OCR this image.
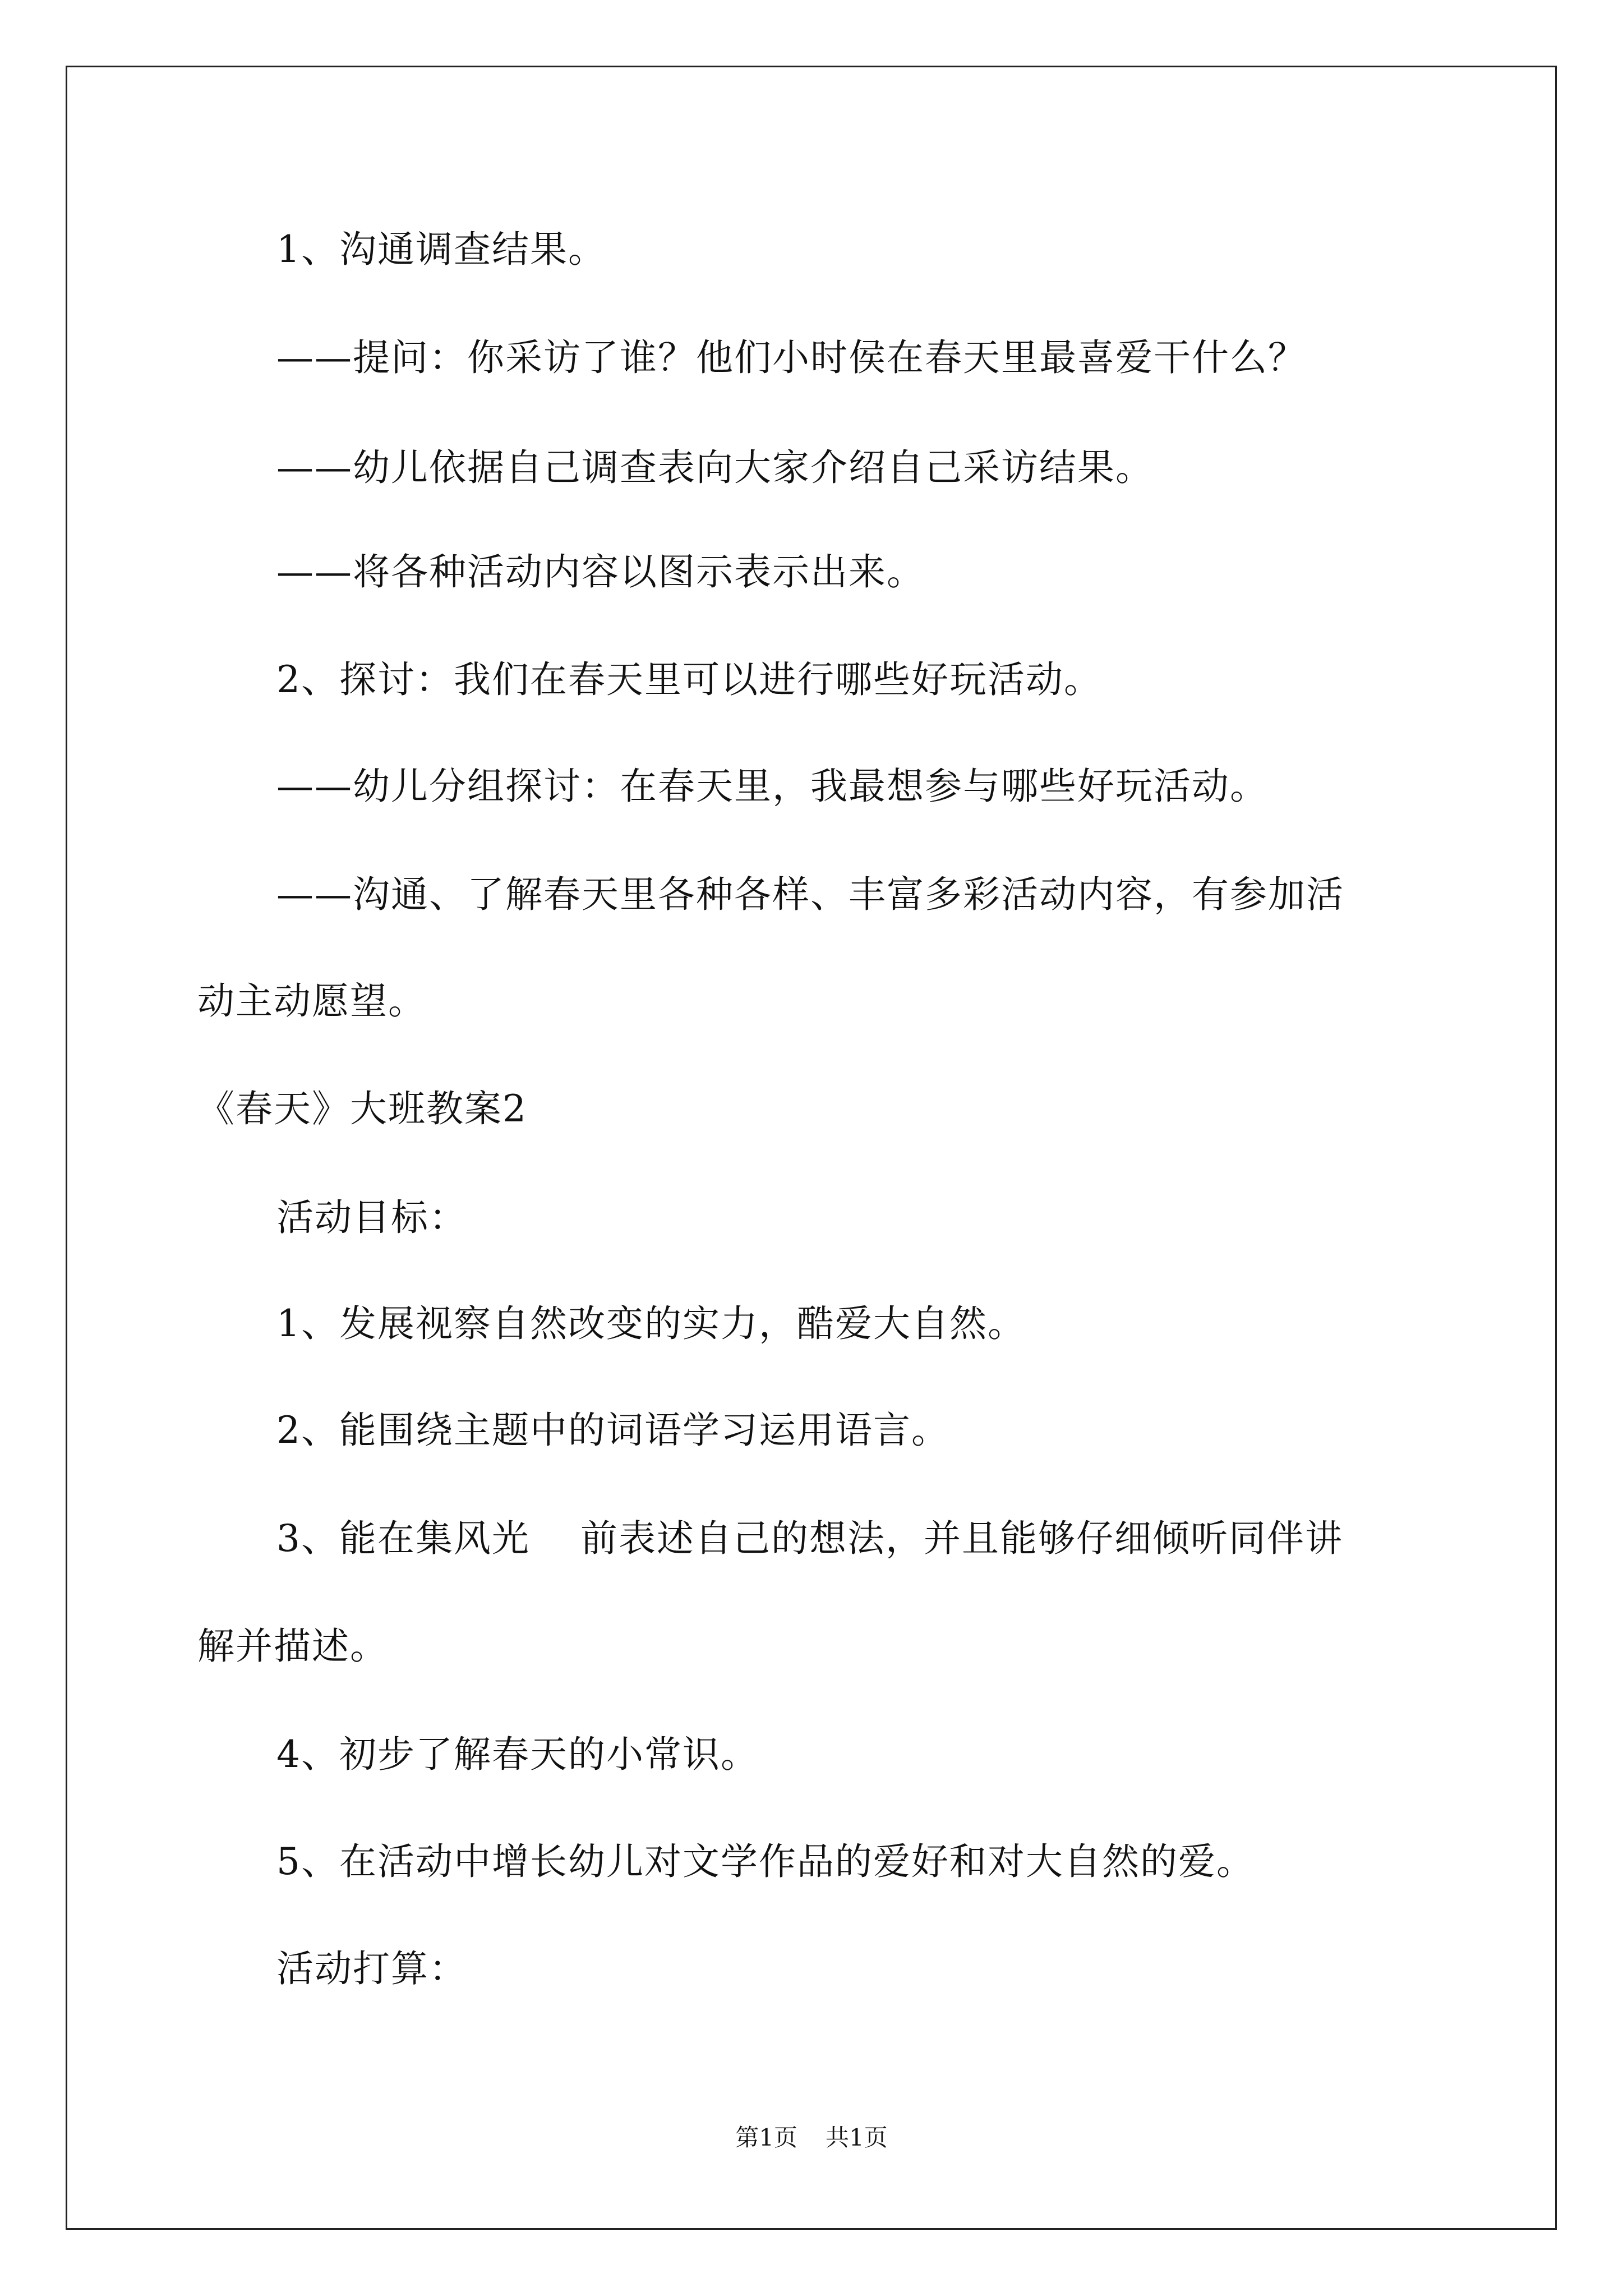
1、沟通调查结果。
——提问：你采访了谁？他们小时侯在春天里最喜爱干什么？
——幼儿依据自己调查表向大家介绍自己采访结果。
——将各种活动内容以图示表示出来。
2、探讨：我们在春天里可以进行哪些好玩活动。
——幼儿分组探讨：在春天里，我最想参与哪些好玩活动。
——沟通、了解春天里各种各样、丰富多彩活动内容，有参加活
动主动愿望。
《春天》大班教案2
活动目标：
1、发展视察自然改变的实力，酷爱大自然。
2、能围绕主题中的词语学习运用语言。
3、能在集风光 前表述自己的想法，并且能够仔细倾听同伴讲
解并描述。
4、初步了解春天的小常识。
5、在活动中增长幼儿对文学作品的爱好和对大自然的爱。
活动打算：
第1页 共1页
